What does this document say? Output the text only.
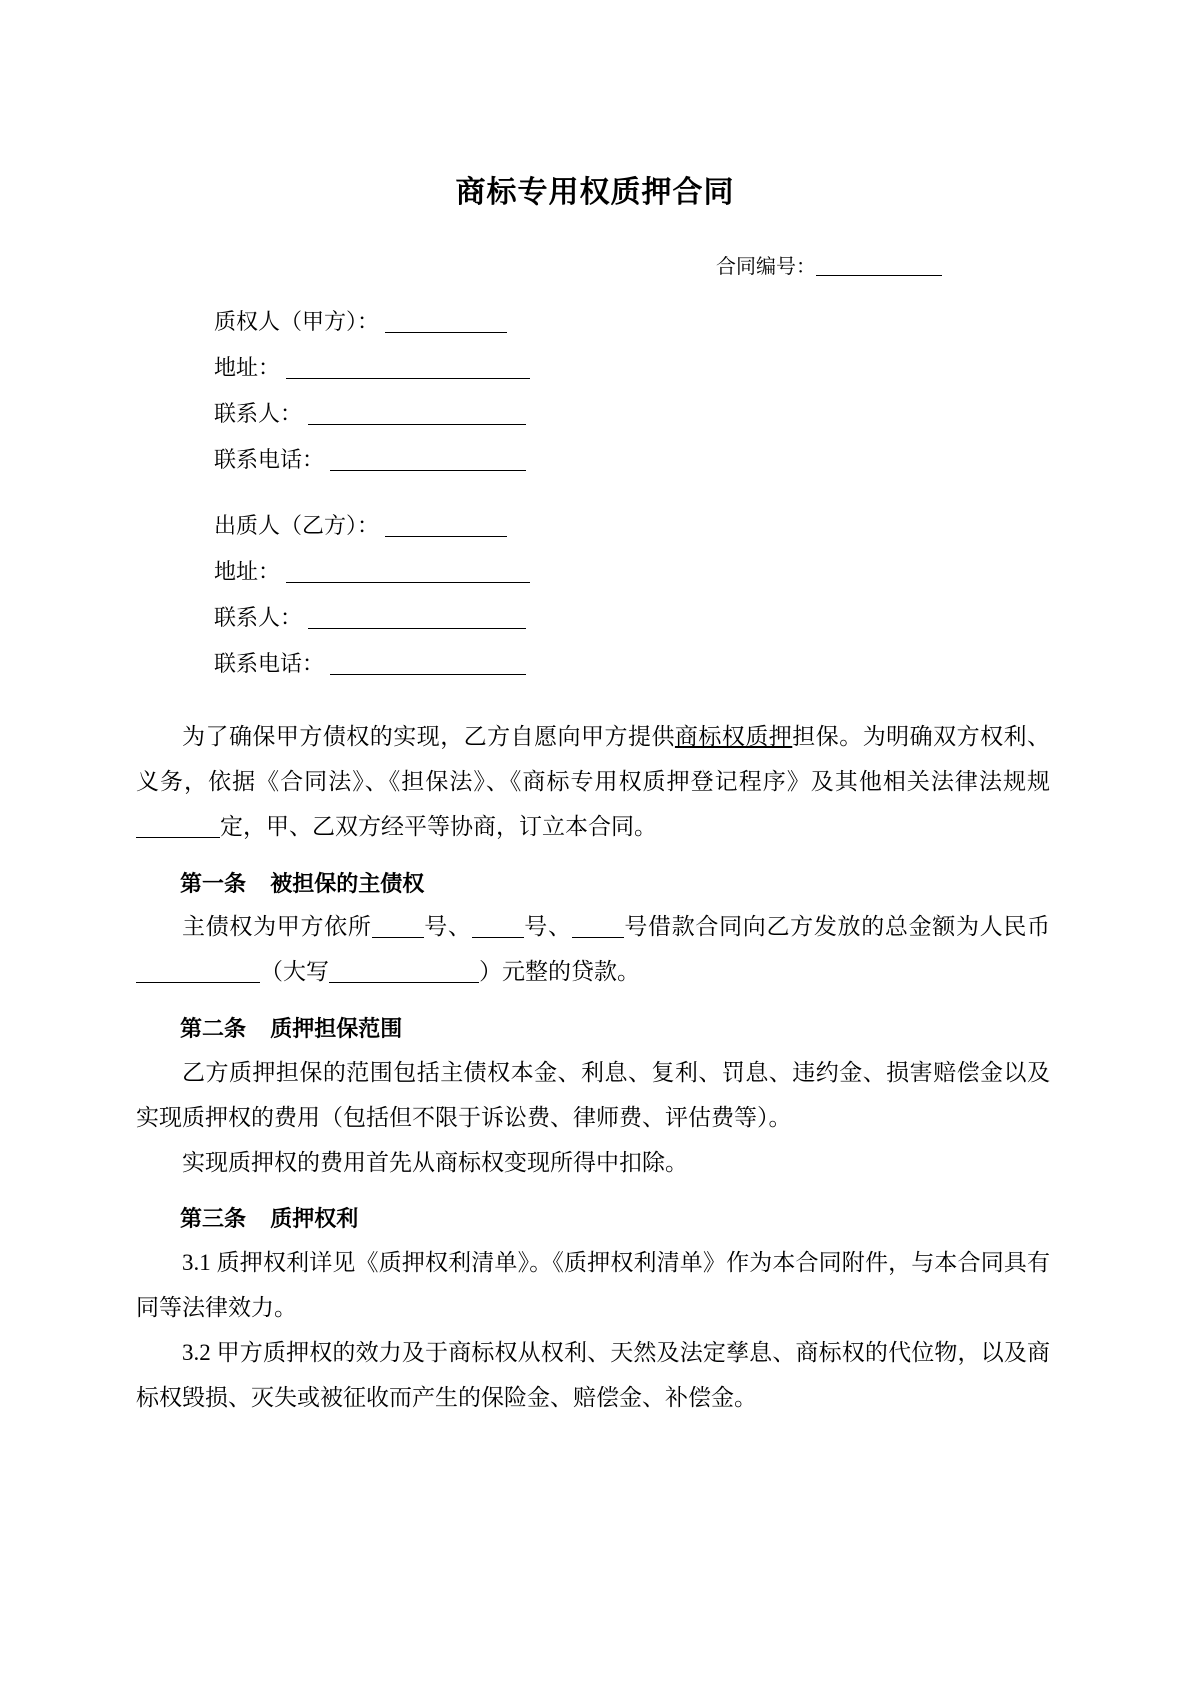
商标专用权质押合同
合同编号：
质权人（甲方）：
地址：
联系人：
联系电话：
出质人（乙方）：
地址：
联系人：
联系电话：

为了确保甲方债权的实现，乙方自愿向甲方提供商标权质押担保。为明确双方权利、义务，依据《合同法》、《担保法》、《商标专用权质押登记程序》及其他相关法律法规规定，甲、乙双方经平等协商，订立本合同。

第一条 被担保的主债权

主债权为甲方依所 号、 号、 号借款合同向乙方发放的总金额为人民币（大写	）元整的贷款。

第二条 质押担保范围

乙方质押担保的范围包括主债权本金、利息、复利、罚息、违约金、损害赔偿金以及实现质押权的费用（包括但不限于诉讼费、律师费、评估费等）。

实现质押权的费用首先从商标权变现所得中扣除。

第三条 质押权利

3.1 质押权利详见《质押权利清单》。《质押权利清单》作为本合同附件，与本合同具有同等法律效力。

3.2 甲方质押权的效力及于商标权从权利、天然及法定孳息、商标权的代位物，以及商标权毁损、灭失或被征收而产生的保险金、赔偿金、补偿金。
